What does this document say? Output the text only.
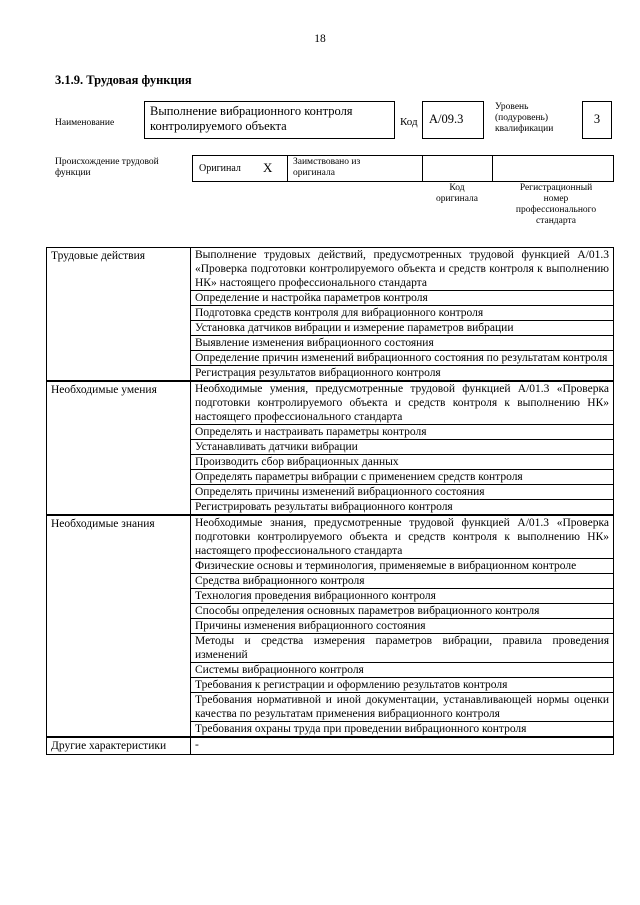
18
3.1.9. Трудовая функция
Наименование
Выполнение вибрационного контроля контролируемого объекта	Код А/09.3
Уровень
(подуровень)
квалификации
3
Происхождение трудовой
функции	Оригинал X Заимствовано из
оригинала
Код
оригинала
Регистрационный
номер
профессионального
стандарта
Трудовые действия	Выполнение трудовых действий, предусмотренных трудовой функцией А/01.3 «Проверка подготовки контролируемого объекта и средств контроля к выполнению НК» настоящего профессионального стандарта
	Определение и настройка параметров контроля
	Подготовка средств контроля для вибрационного контроля
	Установка датчиков вибрации и измерение параметров вибрации
	Выявление изменения вибрационного состояния
	Определение причин изменений вибрационного состояния по результатам контроля
	Регистрация результатов вибрационного контроля
Необходимые умения	Необходимые умения, предусмотренные трудовой функцией А/01.3 «Проверка подготовки контролируемого объекта и средств контроля к выполнению НК» настоящего профессионального стандарта
	Определять и настраивать параметры контроля
	Устанавливать датчики вибрации
	Производить сбор вибрационных данных
	Определять параметры вибрации с применением средств контроля
	Определять причины изменений вибрационного состояния
	Регистрировать результаты вибрационного контроля
Необходимые знания	Необходимые знания, предусмотренные трудовой функцией А/01.3 «Проверка подготовки контролируемого объекта и средств контроля к выполнению НК» настоящего профессионального стандарта
	Физические основы и терминология, применяемые в вибрационном контроле
	Средства вибрационного контроля
	Технология проведения вибрационного контроля
	Способы определения основных параметров вибрационного контроля
	Причины изменения вибрационного состояния
	Методы и средства измерения параметров вибрации, правила проведения изменений
	Системы вибрационного контроля
	Требования к регистрации и оформлению результатов контроля
	Требования нормативной и иной документации, устанавливающей нормы оценки качества по результатам применения вибрационного контроля
	Требования охраны труда при проведении вибрационного контроля
Другие характеристики	-
